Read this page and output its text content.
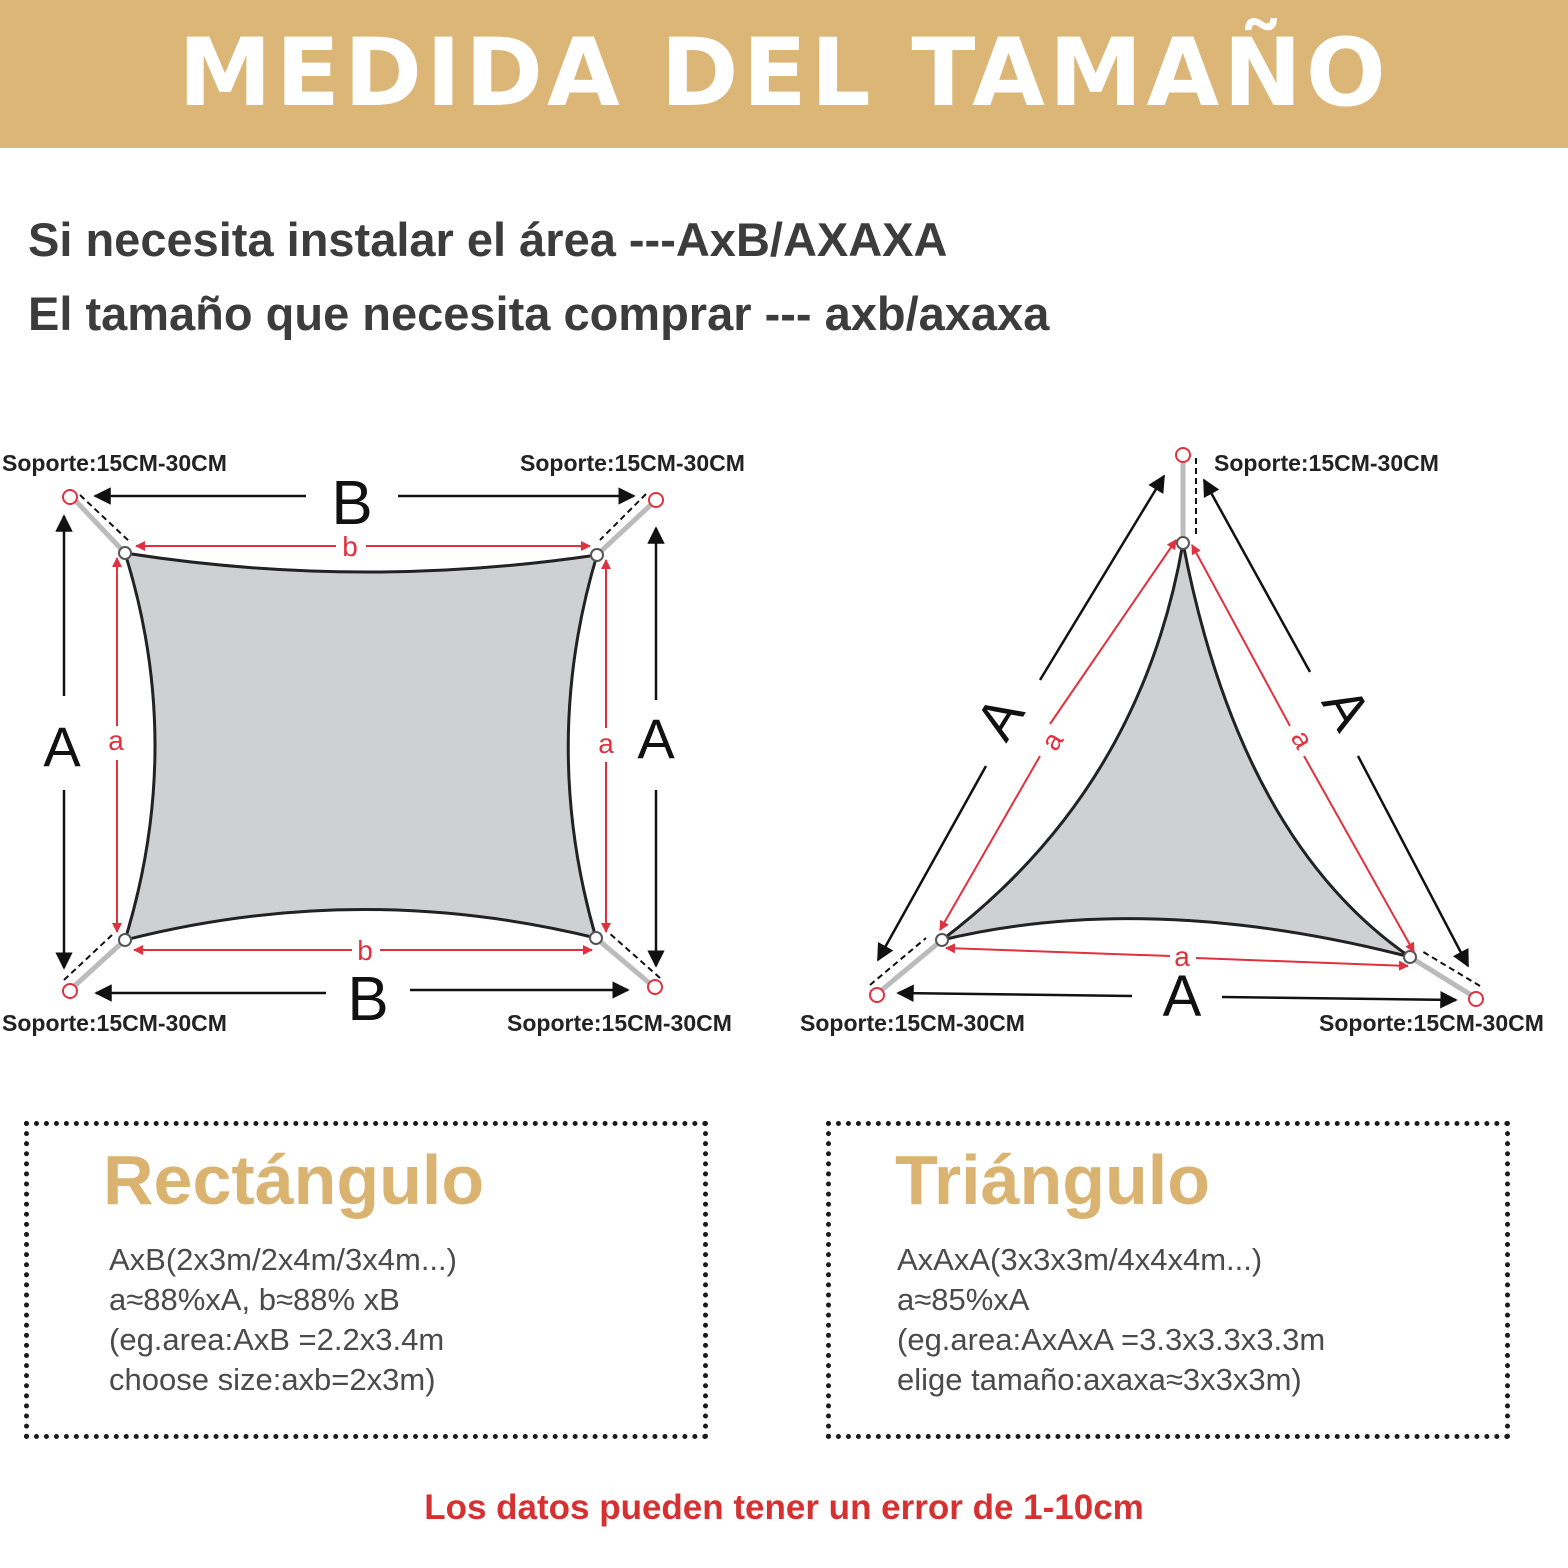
MEDIDA DEL TAMAÑO
Si necesita instalar el área ---AxB/AXAXA
El tamaño que necesita comprar --- axb/axaxa
B
B
A	A
b
b
a	a
A
A	A
a
a	a
Soporte:15CM-30CM	Soporte:15CM-30CM
Soporte:15CM-30CM	Soporte:15CM-30CM
Soporte:15CM-30CM
Soporte:15CM-30CM	Soporte:15CM-30CM
Rectángulo
AxB(2x3m/2x4m/3x4m...)
a≈88%xA, b≈88% xB
(eg.area:AxB =2.2x3.4m
choose size:axb=2x3m)
Triángulo
AxAxA(3x3x3m/4x4x4m...)
a≈85%xA
(eg.area:AxAxA =3.3x3.3x3.3m
elige tamaño:axaxa≈3x3x3m)
Los datos pueden tener un error de 1-10cm
